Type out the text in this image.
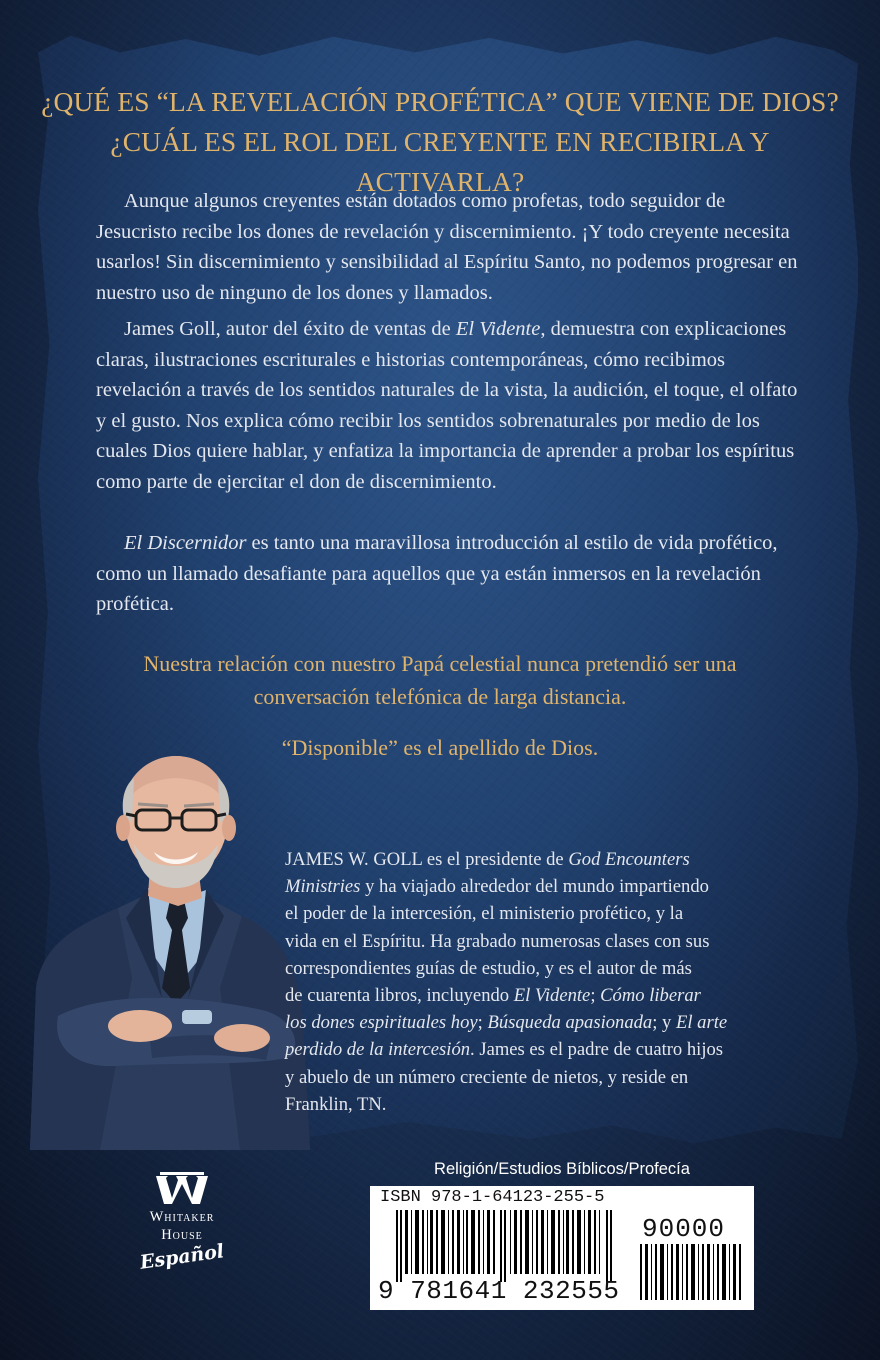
¿QUÉ ES “LA REVELACIÓN PROFÉTICA” QUE VIENE DE DIOS?
¿CUÁL ES EL ROL DEL CREYENTE EN RECIBIRLA Y ACTIVARLA?

Aunque algunos creyentes están dotados como profetas, todo seguidor de Jesucristo recibe los dones de revelación y discernimiento. ¡Y todo creyente necesita usarlos! Sin discernimiento y sensibilidad al Espíritu Santo, no podemos progresar en nuestro uso de ninguno de los dones y llamados.

James Goll, autor del éxito de ventas de El Vidente, demuestra con explicaciones claras, ilustraciones escriturales e historias contemporáneas, cómo recibimos revelación a través de los sentidos naturales de la vista, la audición, el toque, el olfato y el gusto. Nos explica cómo recibir los sentidos sobrenaturales por medio de los cuales Dios quiere hablar, y enfatiza la importancia de aprender a probar los espíritus como parte de ejercitar el don de discernimiento.

El Discernidor es tanto una maravillosa introducción al estilo de vida profético, como un llamado desafiante para aquellos que ya están inmersos en la revelación profética.

Nuestra relación con nuestro Papá celestial nunca pretendió ser una
conversación telefónica de larga distancia.
“Disponible” es el apellido de Dios.
JAMES W. GOLL es el presidente de God Encounters
Ministries y ha viajado alrededor del mundo impartiendo
el poder de la intercesión, el ministerio profético, y la
vida en el Espíritu. Ha grabado numerosas clases con sus
correspondientes guías de estudio, y es el autor de más
de cuarenta libros, incluyendo El Vidente; Cómo liberar
los dones espirituales hoy; Búsqueda apasionada; y El arte
perdido de la intercesión. James es el padre de cuatro hijos
y abuelo de un número creciente de nietos, y reside en
Franklin, TN.
Whitaker
House
Español
Religión/Estudios Bíblicos/Profecía
ISBN 978-1-64123-255-5
90000
9 781641 232555
